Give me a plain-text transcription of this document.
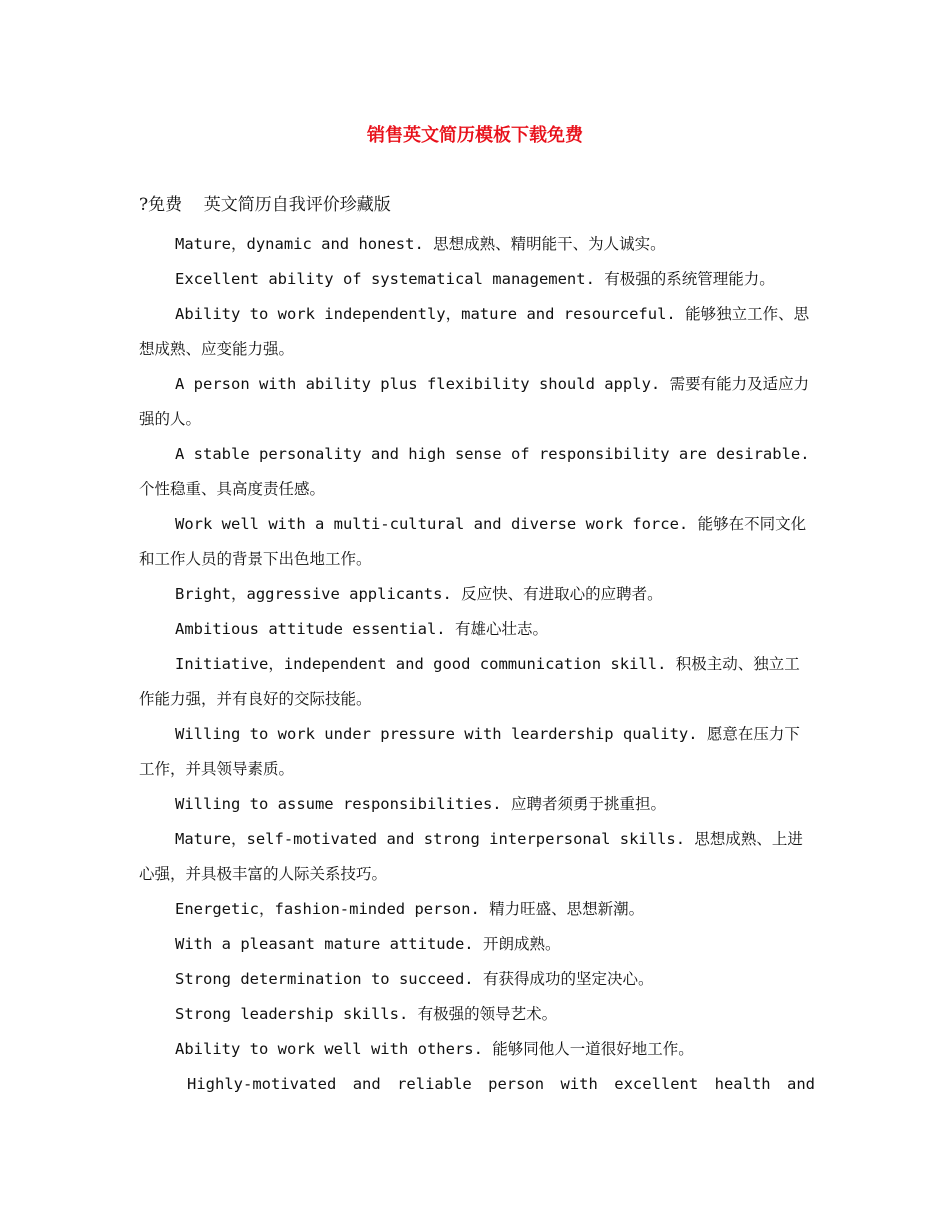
销售英文简历模板下载免费
?免费    英文简历自我评价珍藏版

Mature，dynamic and honest. 思想成熟、精明能干、为人诚实。

Excellent ability of systematical management. 有极强的系统管理能力。

Ability to work independently，mature and resourceful. 能够独立工作、思想成熟、应变能力强。

A person with ability plus flexibility should apply. 需要有能力及适应力强的人。

A stable personality and high sense of responsibility are desirable. 个性稳重、具高度责任感。

Work well with a multi-cultural and diverse work force. 能够在不同文化和工作人员的背景下出色地工作。

Bright，aggressive applicants. 反应快、有进取心的应聘者。

Ambitious attitude essential. 有雄心壮志。

Initiative，independent and good communication skill. 积极主动、独立工作能力强，并有良好的交际技能。

Willing to work under pressure with leardership quality. 愿意在压力下工作，并具领导素质。

Willing to assume responsibilities. 应聘者须勇于挑重担。

Mature，self-motivated and strong interpersonal skills. 思想成熟、上进心强，并具极丰富的人际关系技巧。

Energetic，fashion-minded person. 精力旺盛、思想新潮。

With a pleasant mature attitude. 开朗成熟。

Strong determination to succeed. 有获得成功的坚定决心。

Strong leadership skills. 有极强的领导艺术。

Ability to work well with others. 能够同他人一道很好地工作。

Highly-motivated and reliable person with excellent health and
